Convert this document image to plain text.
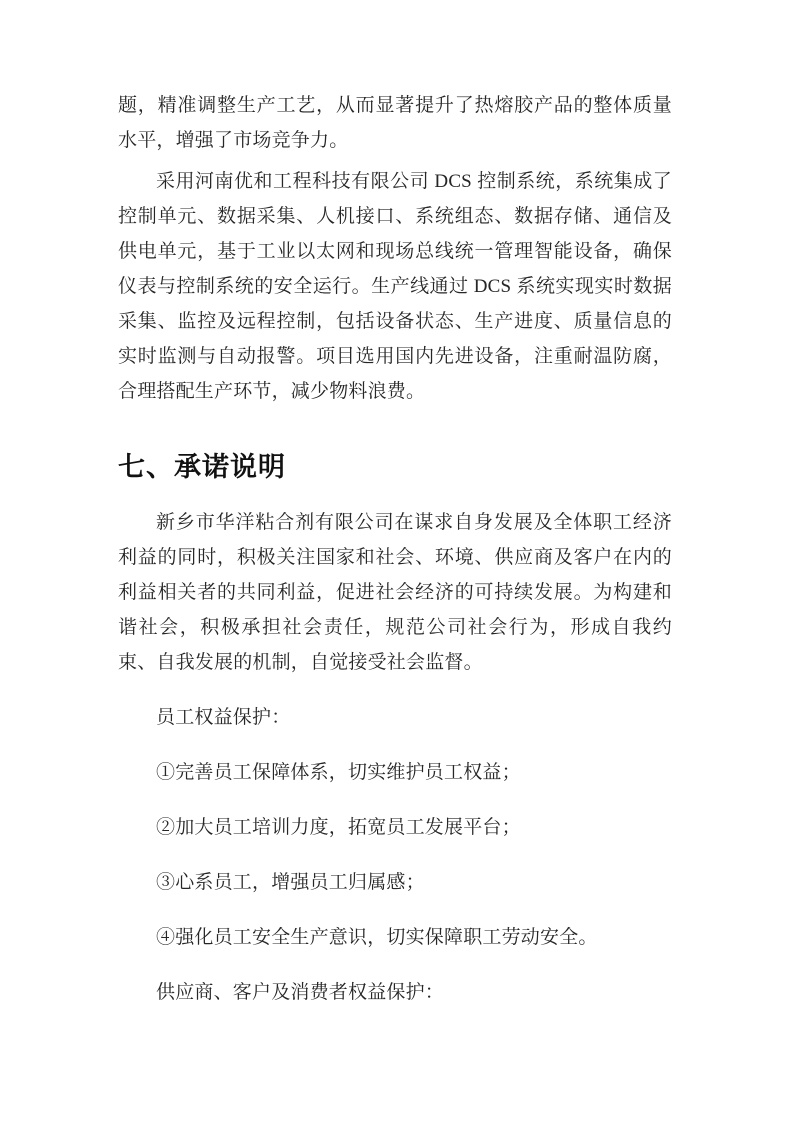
题，精准调整生产工艺，从而显著提升了热熔胶产品的整体质量水平，增强了市场竞争力。

采用河南优和工程科技有限公司 DCS 控制系统，系统集成了控制单元、数据采集、人机接口、系统组态、数据存储、通信及供电单元，基于工业以太网和现场总线统一管理智能设备，确保仪表与控制系统的安全运行。生产线通过 DCS 系统实现实时数据采集、监控及远程控制，包括设备状态、生产进度、质量信息的实时监测与自动报警。项目选用国内先进设备，注重耐温防腐，合理搭配生产环节，减少物料浪费。

七、承诺说明

新乡市华洋粘合剂有限公司在谋求自身发展及全体职工经济利益的同时，积极关注国家和社会、环境、供应商及客户在内的利益相关者的共同利益，促进社会经济的可持续发展。为构建和谐社会，积极承担社会责任，规范公司社会行为，形成自我约束、自我发展的机制，自觉接受社会监督。

员工权益保护：

①完善员工保障体系，切实维护员工权益；

②加大员工培训力度，拓宽员工发展平台；

③心系员工，增强员工归属感；

④强化员工安全生产意识，切实保障职工劳动安全。

供应商、客户及消费者权益保护：
